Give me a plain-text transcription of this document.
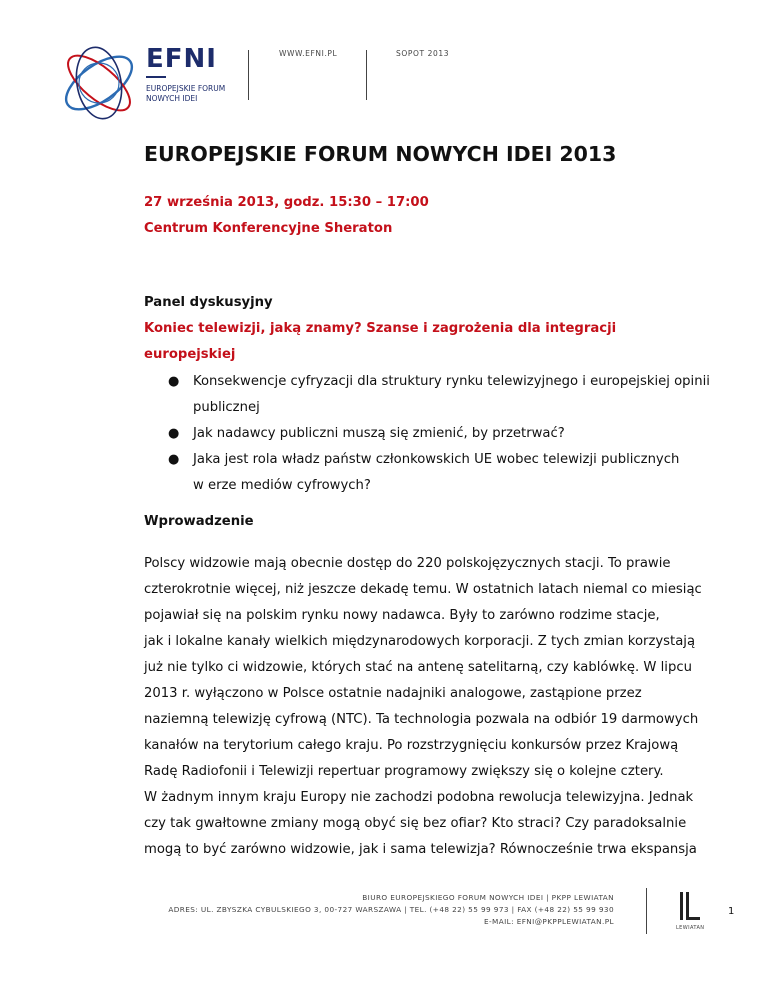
EFNI
EUROPEJSKIE FORUM
NOWYCH IDEI
WWW.EFNI.PL	SOPOT 2013
EUROPEJSKIE FORUM NOWYCH IDEI 2013
27 września 2013, godz. 15:30 – 17:00
Centrum Konferencyjne Sheraton
Panel dyskusyjny
Koniec telewizji, jaką znamy? Szanse i zagrożenia dla integracji
europejskiej
● Konsekwencje cyfryzacji dla struktury rynku telewizyjnego i europejskiej opinii
publicznej
● Jak nadawcy publiczni muszą się zmienić, by przetrwać?
● Jaka jest rola władz państw członkowskich UE wobec telewizji publicznych
w erze mediów cyfrowych?
Wprowadzenie
Polscy widzowie mają obecnie dostęp do 220 polskojęzycznych stacji. To prawie
czterokrotnie więcej, niż jeszcze dekadę temu. W ostatnich latach niemal co miesiąc
pojawiał się na polskim rynku nowy nadawca. Były to zarówno rodzime stacje,
jak i lokalne kanały wielkich międzynarodowych korporacji. Z tych zmian korzystają
już nie tylko ci widzowie, których stać na antenę satelitarną, czy kablówkę. W lipcu
2013 r. wyłączono w Polsce ostatnie nadajniki analogowe, zastąpione przez
naziemną telewizję cyfrową (NTC). Ta technologia pozwala na odbiór 19 darmowych
kanałów na terytorium całego kraju. Po rozstrzygnięciu konkursów przez Krajową
Radę Radiofonii i Telewizji repertuar programowy zwiększy się o kolejne cztery.
W żadnym innym kraju Europy nie zachodzi podobna rewolucja telewizyjna. Jednak
czy tak gwałtowne zmiany mogą obyć się bez ofiar? Kto straci? Czy paradoksalnie
mogą to być zarówno widzowie, jak i sama telewizja? Równocześnie trwa ekspansja
BIURO EUROPEJSKIEGO FORUM NOWYCH IDEI | PKPP LEWIATAN
ADRES: UL. ZBYSZKA CYBULSKIEGO 3, 00-727 WARSZAWA | TEL. (+48 22) 55 99 973 | FAX (+48 22) 55 99 930
E-MAIL: EFNI@PKPPLEWIATAN.PL
LEWIATAN
1
